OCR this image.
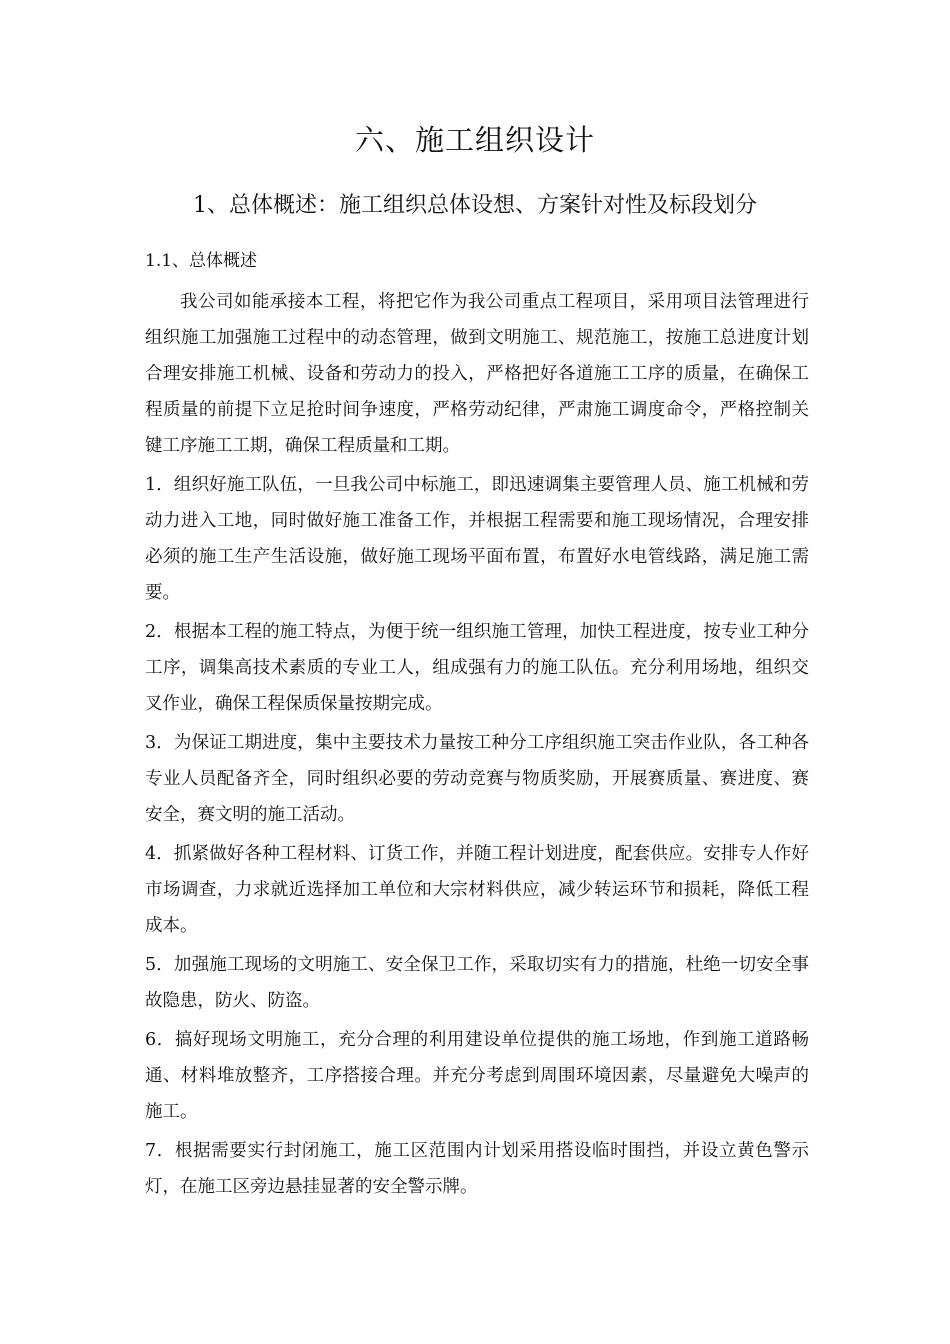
六、施工组织设计
1、总体概述：施工组织总体设想、方案针对性及标段划分
1.1、总体概述

我公司如能承接本工程，将把它作为我公司重点工程项目，采用项目法管理进行组织施工加强施工过程中的动态管理，做到文明施工、规范施工，按施工总进度计划合理安排施工机械、设备和劳动力的投入，严格把好各道施工工序的质量，在确保工程质量的前提下立足抢时间争速度，严格劳动纪律，严肃施工调度命令，严格控制关键工序施工工期，确保工程质量和工期。

1．组织好施工队伍，一旦我公司中标施工，即迅速调集主要管理人员、施工机械和劳动力进入工地，同时做好施工准备工作，并根据工程需要和施工现场情况，合理安排必须的施工生产生活设施，做好施工现场平面布置，布置好水电管线路，满足施工需要。

2．根据本工程的施工特点，为便于统一组织施工管理，加快工程进度，按专业工种分工序，调集高技术素质的专业工人，组成强有力的施工队伍。充分利用场地，组织交叉作业，确保工程保质保量按期完成。

3．为保证工期进度，集中主要技术力量按工种分工序组织施工突击作业队，各工种各专业人员配备齐全，同时组织必要的劳动竞赛与物质奖励，开展赛质量、赛进度、赛安全，赛文明的施工活动。

4．抓紧做好各种工程材料、订货工作，并随工程计划进度，配套供应。安排专人作好市场调查，力求就近选择加工单位和大宗材料供应，减少转运环节和损耗，降低工程成本。

5．加强施工现场的文明施工、安全保卫工作，采取切实有力的措施，杜绝一切安全事故隐患，防火、防盗。

6．搞好现场文明施工，充分合理的利用建设单位提供的施工场地，作到施工道路畅通、材料堆放整齐，工序搭接合理。并充分考虑到周围环境因素，尽量避免大噪声的施工。

7．根据需要实行封闭施工，施工区范围内计划采用搭设临时围挡，并设立黄色警示灯，在施工区旁边悬挂显著的安全警示牌。
